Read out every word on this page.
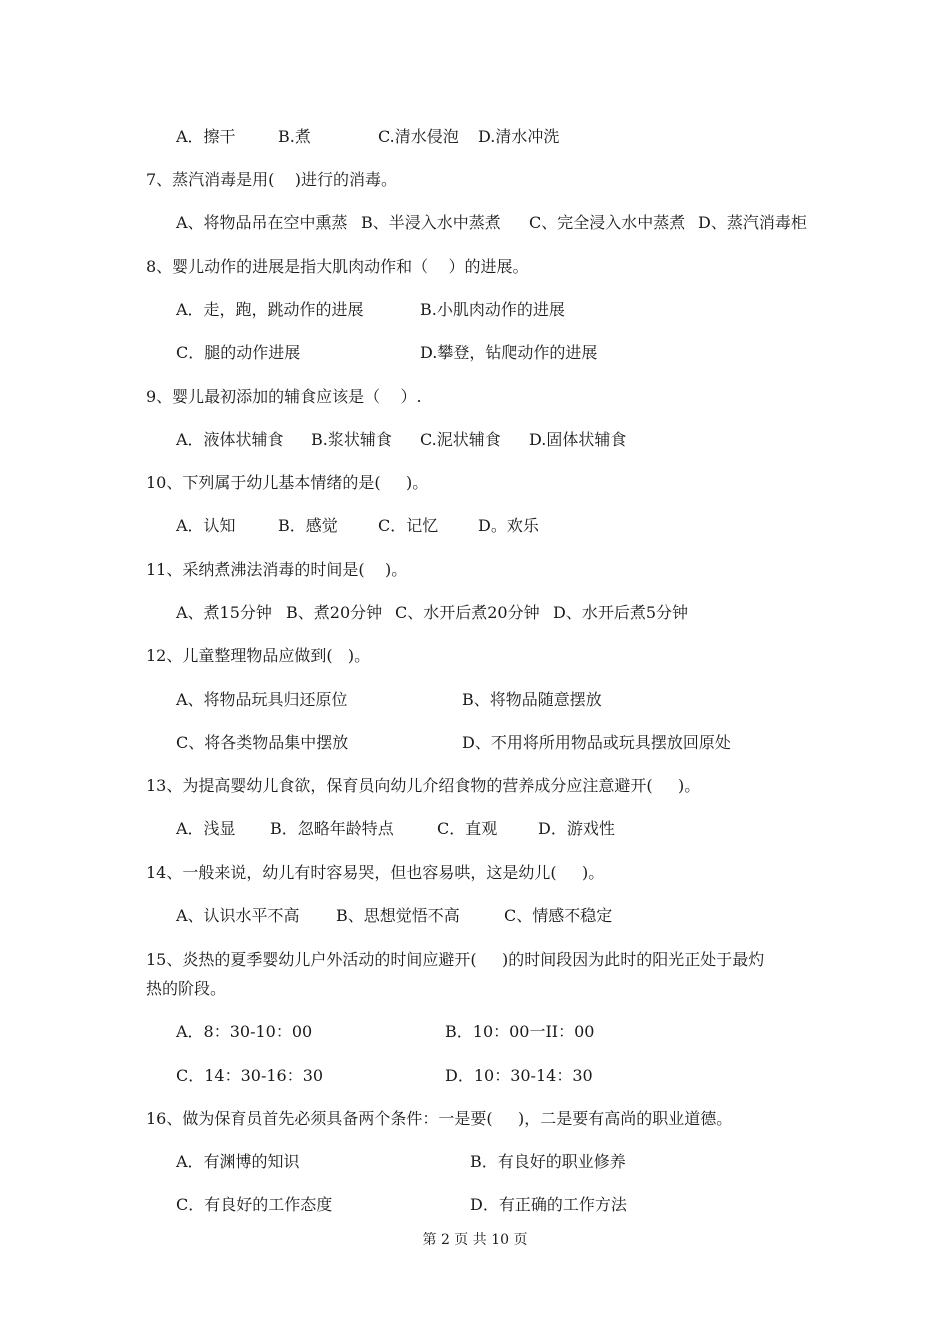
A．擦干	B.煮	C.清水侵泡 D.清水冲洗
7、蒸汽消毒是用(    )进行的消毒。
A、将物品吊在空中熏蒸 B、半浸入水中蒸煮 C、完全浸入水中蒸煮 D、蒸汽消毒柜
8、婴儿动作的进展是指大肌肉动作和（    ）的进展。
A．走，跑，跳动作的进展	B.小肌肉动作的进展
C．腿的动作进展	D.攀登，钻爬动作的进展
9、婴儿最初添加的辅食应该是（    ）.
A．液体状辅食 B.浆状辅食 C.泥状辅食 D.固体状辅食
10、下列属于幼儿基本情绪的是(     )。
A．认知	B．感觉	C．记忆 D。欢乐
11、采纳煮沸法消毒的时间是(    )。
A、煮15分钟 B、煮20分钟 C、水开后煮20分钟 D、水开后煮5分钟
12、儿童整理物品应做到(   )。
A、将物品玩具归还原位	B、将物品随意摆放
C、将各类物品集中摆放	D、不用将所用物品或玩具摆放回原处
13、为提高婴幼儿食欲，保育员向幼儿介绍食物的营养成分应注意避开(     )。
A．浅显 B．忽略年龄特点	C．直观	D．游戏性
14、一般来说，幼儿有时容易哭，但也容易哄，这是幼儿(     )。
A、认识水平不高 B、思想觉悟不高	C、情感不稳定
15、炎热的夏季婴幼儿户外活动的时间应避开(     )的时间段因为此时的阳光正处于最灼
热的阶段。
A．8：30-10：00	B．10：00一II：00
C．14：30-16：30	D．10：30-14：30
16、做为保育员首先必须具备两个条件：一是要(     )，二是要有高尚的职业道德。
A．有渊博的知识	B．有良好的职业修养
C．有良好的工作态度	D．有正确的工作方法
第 2 页 共 10 页
